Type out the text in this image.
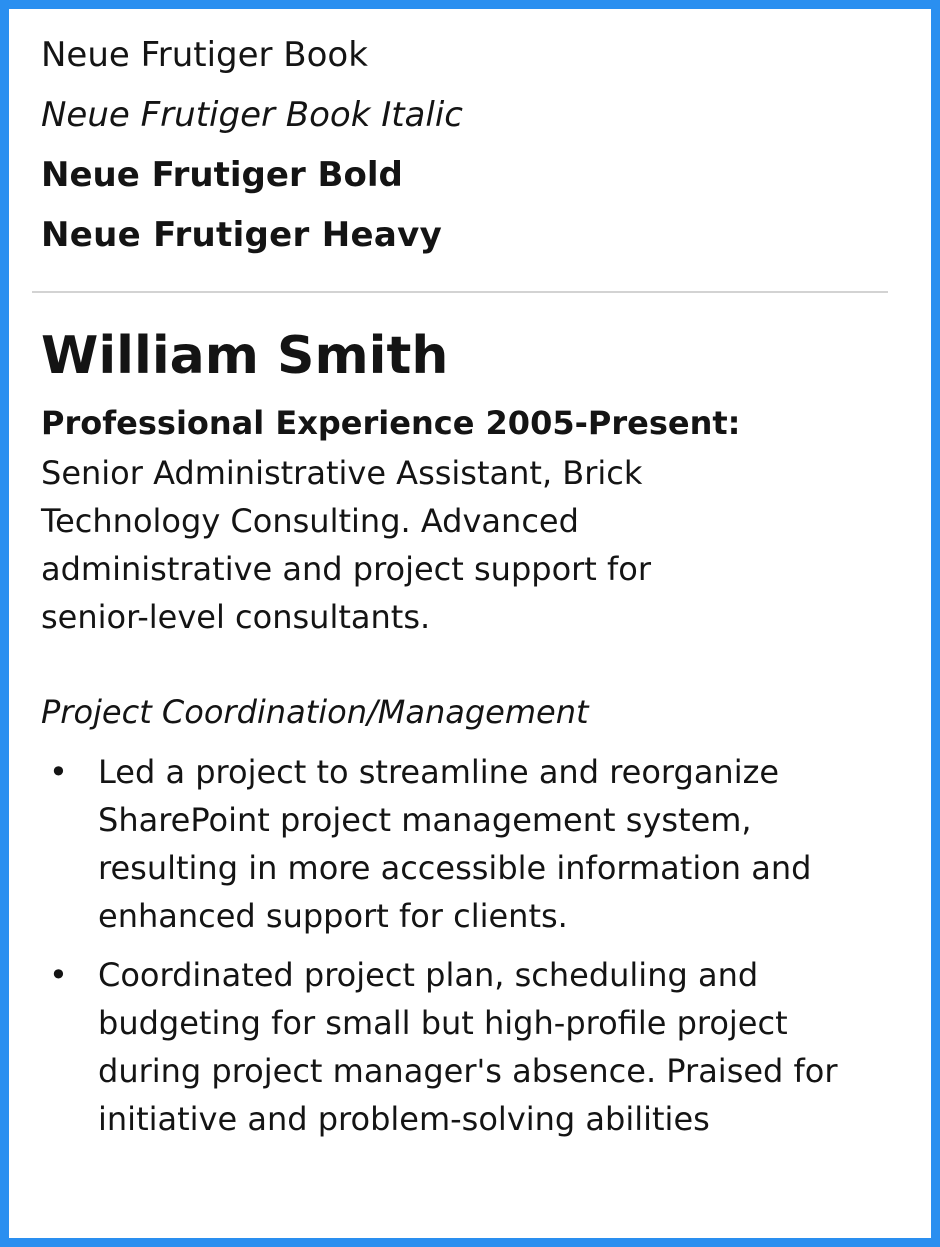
Neue Frutiger Book
Neue Frutiger Book Italic
Neue Frutiger Bold
Neue Frutiger Heavy
William Smith
Professional Experience 2005-Present:
Senior Administrative Assistant, Brick Technology Consulting. Advanced administrative and project support for senior-level consultants.
Project Coordination/Management
• Led a project to streamline and reorganize SharePoint project management system, resulting in more accessible information and enhanced support for clients.
• Coordinated project plan, scheduling and budgeting for small but high-profile project during project manager's absence. Praised for initiative and problem-solving abilities
